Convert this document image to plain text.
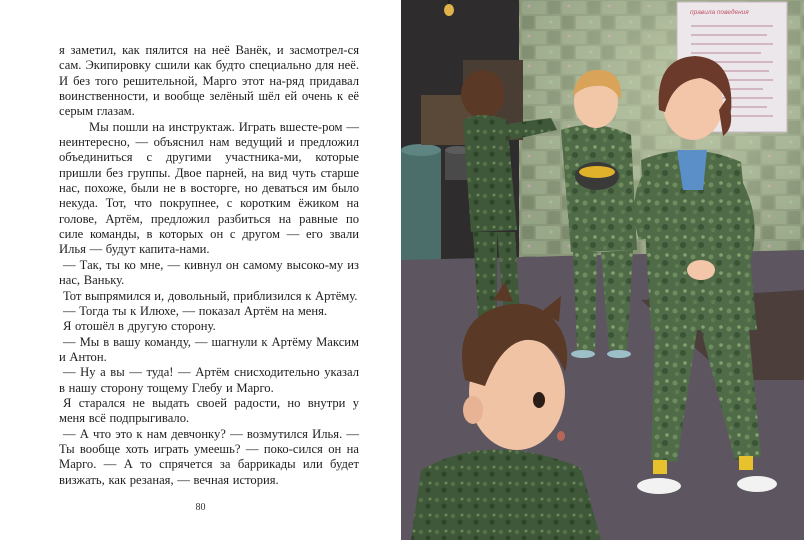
я заметил, как пялится на неё Ванёк, и засмотрел-ся сам. Экипировку сшили как будто специально для неё. И без того решительной, Марго этот на-ряд придавал воинственности, и вообще зелёный шёл ей очень к её серым глазам.

Мы пошли на инструктаж. Играть вшесте-ром — неинтересно, — объяснил нам ведущий и предложил объединиться с другими участника-ми, которые пришли без группы. Двое парней, на вид чуть старше нас, похоже, были не в восторге, но деваться им было некуда. Тот, что покрупнее, с коротким ёжиком на голове, Артём, предложил разбиться на равные по силе команды, в которых он с другом — его звали Илья — будут капита-нами.

— Так, ты ко мне, — кивнул он самому высоко-му из нас, Ваньку.

Тот выпрямился и, довольный, приблизился к Артёму.

— Тогда ты к Илюхе, — показал Артём на меня.

Я отошёл в другую сторону.

— Мы в вашу команду, — шагнули к Артёму Максим и Антон.

— Ну а вы — туда! — Артём снисходительно указал в нашу сторону тощему Глебу и Марго.

Я старался не выдать своей радости, но внутри у меня всё подпрыгивало.

— А что это к нам девчонку? — возмутился Илья. — Ты вообще хоть играть умеешь? — поко-сился он на Марго. — А то спрячется за баррикады или будет визжать, как резаная, — вечная история.

80
правила поведения
